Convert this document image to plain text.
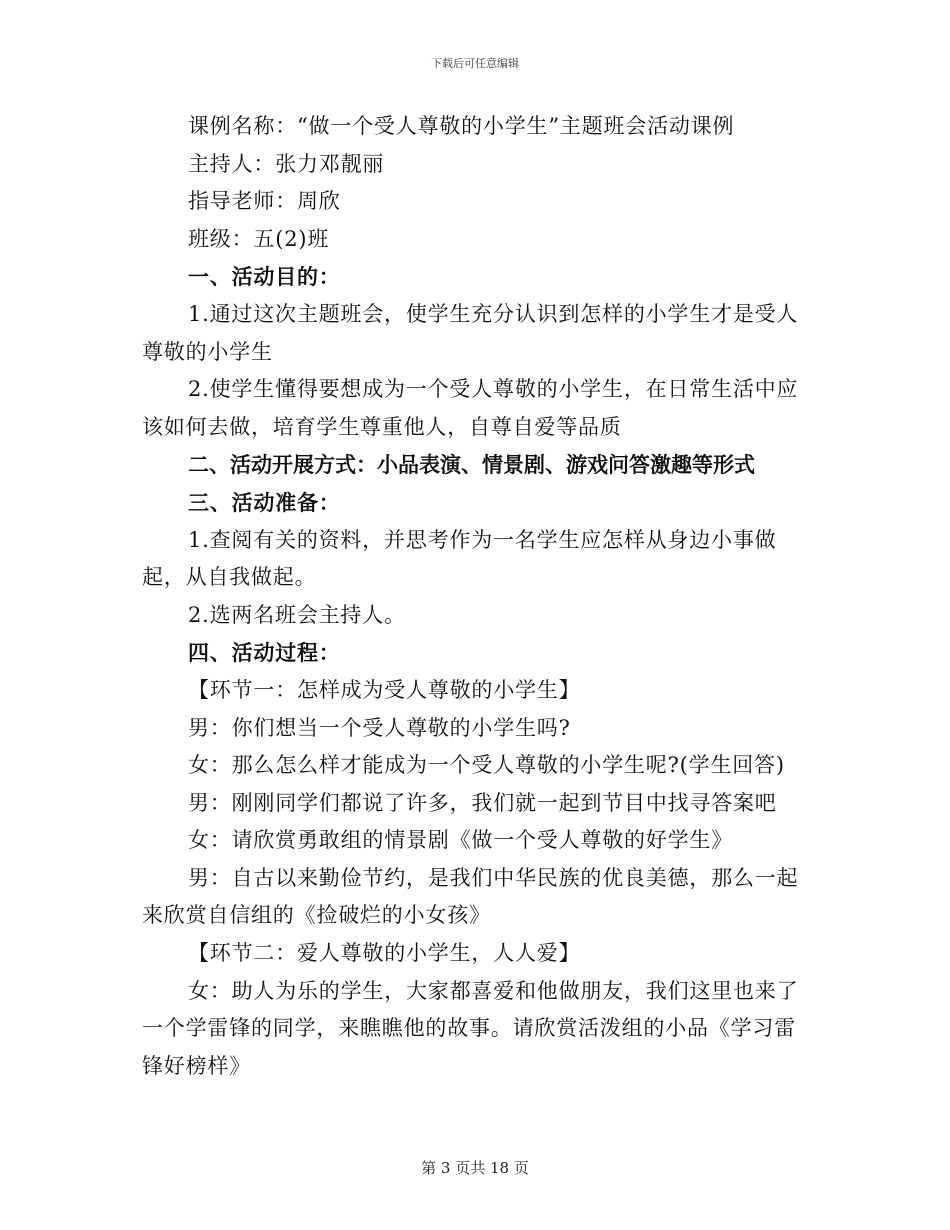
下载后可任意编辑

课例名称：“做一个受人尊敬的小学生”主题班会活动课例

主持人：张力邓靓丽

指导老师：周欣

班级：五(2)班

一、活动目的：

1.通过这次主题班会，使学生充分认识到怎样的小学生才是受人尊敬的小学生

2.使学生懂得要想成为一个受人尊敬的小学生，在日常生活中应该如何去做，培育学生尊重他人，自尊自爱等品质

二、活动开展方式：小品表演、情景剧、游戏问答激趣等形式

三、活动准备：

1.查阅有关的资料，并思考作为一名学生应怎样从身边小事做起，从自我做起。

2.选两名班会主持人。

四、活动过程：

【环节一：怎样成为受人尊敬的小学生】

男：你们想当一个受人尊敬的小学生吗?

女：那么怎么样才能成为一个受人尊敬的小学生呢?(学生回答)

男：刚刚同学们都说了许多，我们就一起到节目中找寻答案吧

女：请欣赏勇敢组的情景剧《做一个受人尊敬的好学生》

男：自古以来勤俭节约，是我们中华民族的优良美德，那么一起来欣赏自信组的《捡破烂的小女孩》

【环节二：爱人尊敬的小学生，人人爱】

女：助人为乐的学生，大家都喜爱和他做朋友，我们这里也来了一个学雷锋的同学，来瞧瞧他的故事。请欣赏活泼组的小品《学习雷锋好榜样》

第 3 页共 18 页
